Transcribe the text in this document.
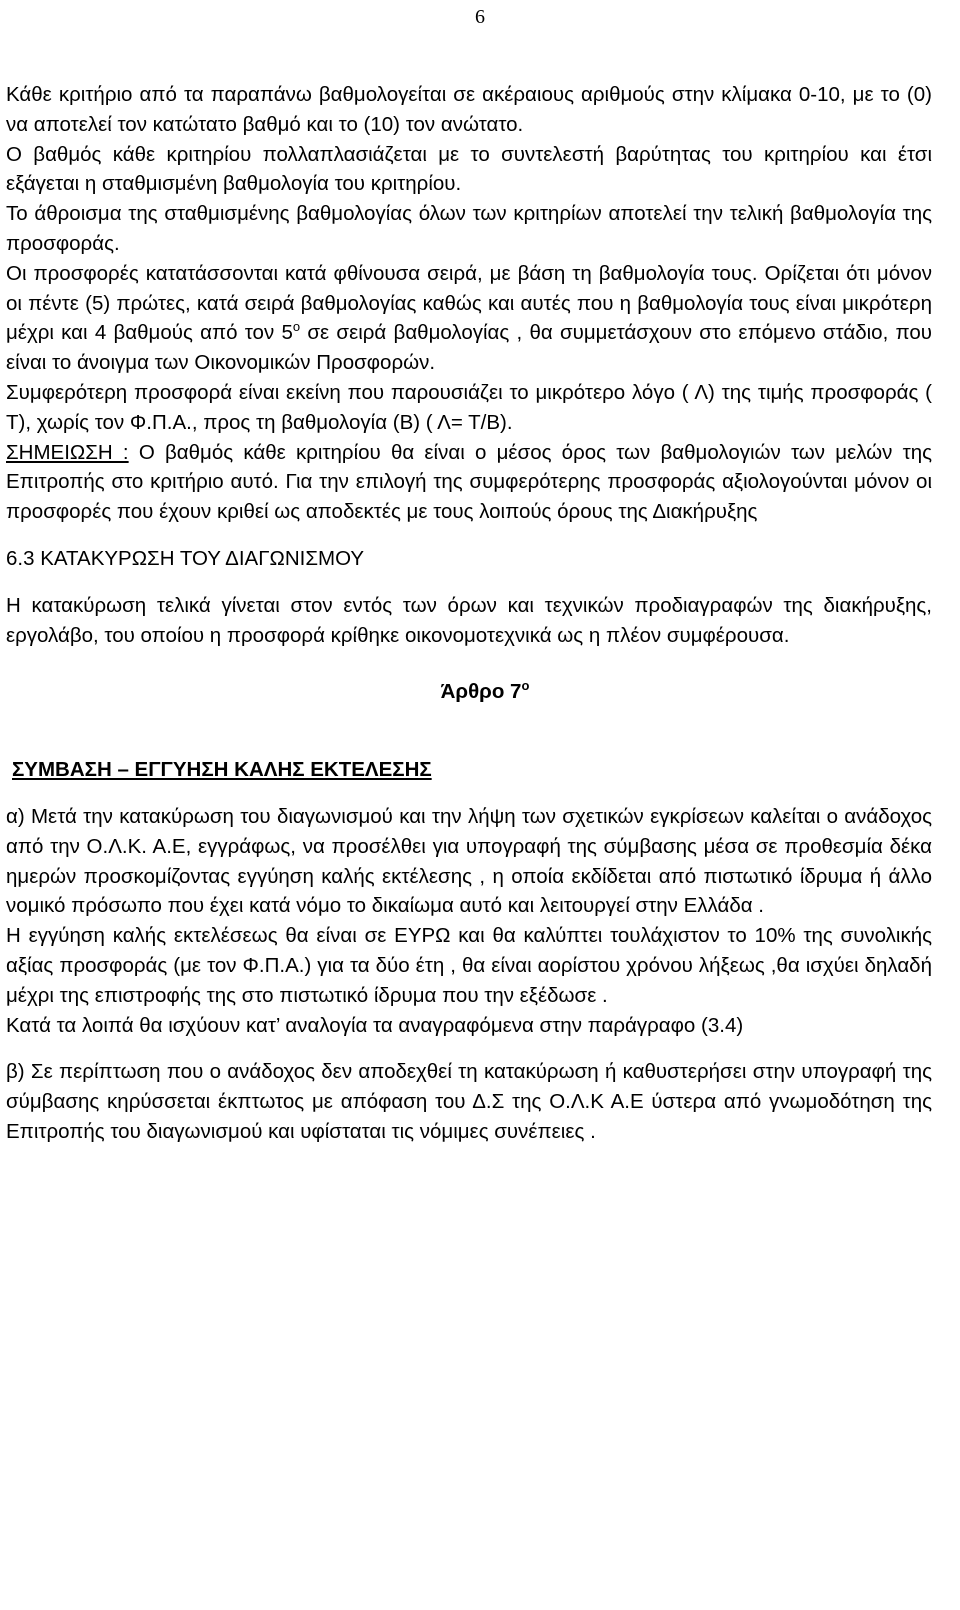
6

Κάθε κριτήριο από τα παραπάνω βαθμολογείται σε ακέραιους αριθμούς στην κλίμακα 0-10, με το (0) να αποτελεί τον κατώτατο βαθμό και το (10) τον ανώτατο.

Ο βαθμός κάθε κριτηρίου πολλαπλασιάζεται με το συντελεστή βαρύτητας του κριτηρίου και έτσι εξάγεται η σταθμισμένη βαθμολογία του κριτηρίου.

Το άθροισμα της σταθμισμένης βαθμολογίας όλων των κριτηρίων αποτελεί την τελική βαθμολογία της προσφοράς.

Οι προσφορές κατατάσσονται κατά φθίνουσα σειρά, με βάση τη βαθμολογία τους. Ορίζεται ότι μόνον οι πέντε (5) πρώτες, κατά σειρά βαθμολογίας καθώς και αυτές που η βαθμολογία τους είναι μικρότερη μέχρι και 4 βαθμούς από τον $5^o$ σε σειρά βαθμολογίας , θα συμμετάσχουν στο επόμενο στάδιο, που είναι το άνοιγμα των Οικονομικών Προσφορών.

Συμφερότερη προσφορά είναι εκείνη που παρουσιάζει το μικρότερο λόγο ( Λ) της τιμής προσφοράς ( Τ), χωρίς τον Φ.Π.Α., προς τη βαθμολογία (Β) ( Λ= Τ/Β).

ΣΗΜΕΙΩΣΗ : Ο βαθμός κάθε κριτηρίου θα είναι ο μέσος όρος των βαθμολογιών των μελών της Επιτροπής στο κριτήριο αυτό. Για την επιλογή της συμφερότερης προσφοράς αξιολογούνται μόνον οι προσφορές που έχουν κριθεί ως αποδεκτές με τους λοιπούς όρους της Διακήρυξης

6.3 ΚΑΤΑΚΥΡΩΣΗ ΤΟΥ ΔΙΑΓΩΝΙΣΜΟΥ

Η κατακύρωση τελικά γίνεται στον εντός των όρων και τεχνικών προδιαγραφών της διακήρυξης, εργολάβο, του οποίου η προσφορά κρίθηκε οικονομοτεχνικά ως η πλέον συμφέρουσα.

Άρθρο $7^o$

ΣΥΜΒΑΣΗ – ΕΓΓΥΗΣΗ ΚΑΛΗΣ ΕΚΤΕΛΕΣΗΣ

α) Μετά την κατακύρωση του διαγωνισμού και την λήψη των σχετικών εγκρίσεων καλείται ο ανάδοχος από την Ο.Λ.Κ. Α.Ε, εγγράφως, να προσέλθει για υπογραφή της σύμβασης μέσα σε προθεσμία δέκα ημερών προσκομίζοντας εγγύηση καλής εκτέλεσης , η οποία εκδίδεται από πιστωτικό ίδρυμα ή άλλο νομικό πρόσωπο που έχει κατά νόμο το δικαίωμα αυτό και λειτουργεί στην Ελλάδα .

Η εγγύηση καλής εκτελέσεως θα είναι σε ΕΥΡΩ και θα καλύπτει τουλάχιστον το 10% της συνολικής αξίας προσφοράς (με τον Φ.Π.Α.) για τα δύο έτη , θα είναι αορίστου χρόνου λήξεως ,θα ισχύει δηλαδή μέχρι της επιστροφής της στο πιστωτικό ίδρυμα που την εξέδωσε .

Κατά τα λοιπά θα ισχύουν κατ’ αναλογία τα αναγραφόμενα στην παράγραφο (3.4)

β) Σε περίπτωση που ο ανάδοχος δεν αποδεχθεί τη κατακύρωση ή καθυστερήσει στην υπογραφή της σύμβασης κηρύσσεται έκπτωτος με απόφαση του Δ.Σ της Ο.Λ.Κ Α.Ε ύστερα από γνωμοδότηση της Επιτροπής του διαγωνισμού και υφίσταται τις νόμιμες συνέπειες .
